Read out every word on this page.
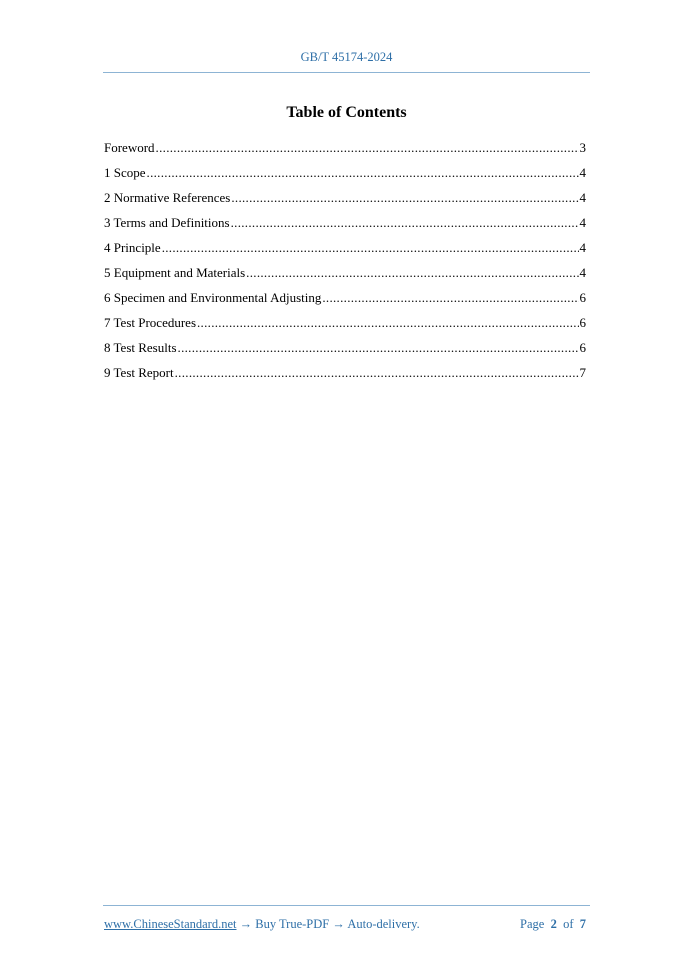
GB/T 45174-2024
Table of Contents
Foreword .....	3
1 Scope .....	4
2 Normative References .....	4
3 Terms and Definitions .....	4
4 Principle .....	4
5 Equipment and Materials .....	4
6 Specimen and Environmental Adjusting .....	6
7 Test Procedures .....	6
8 Test Results .....	6
9 Test Report .....	7
www.ChineseStandard.net → Buy True-PDF → Auto-delivery.	Page 2 of 7
